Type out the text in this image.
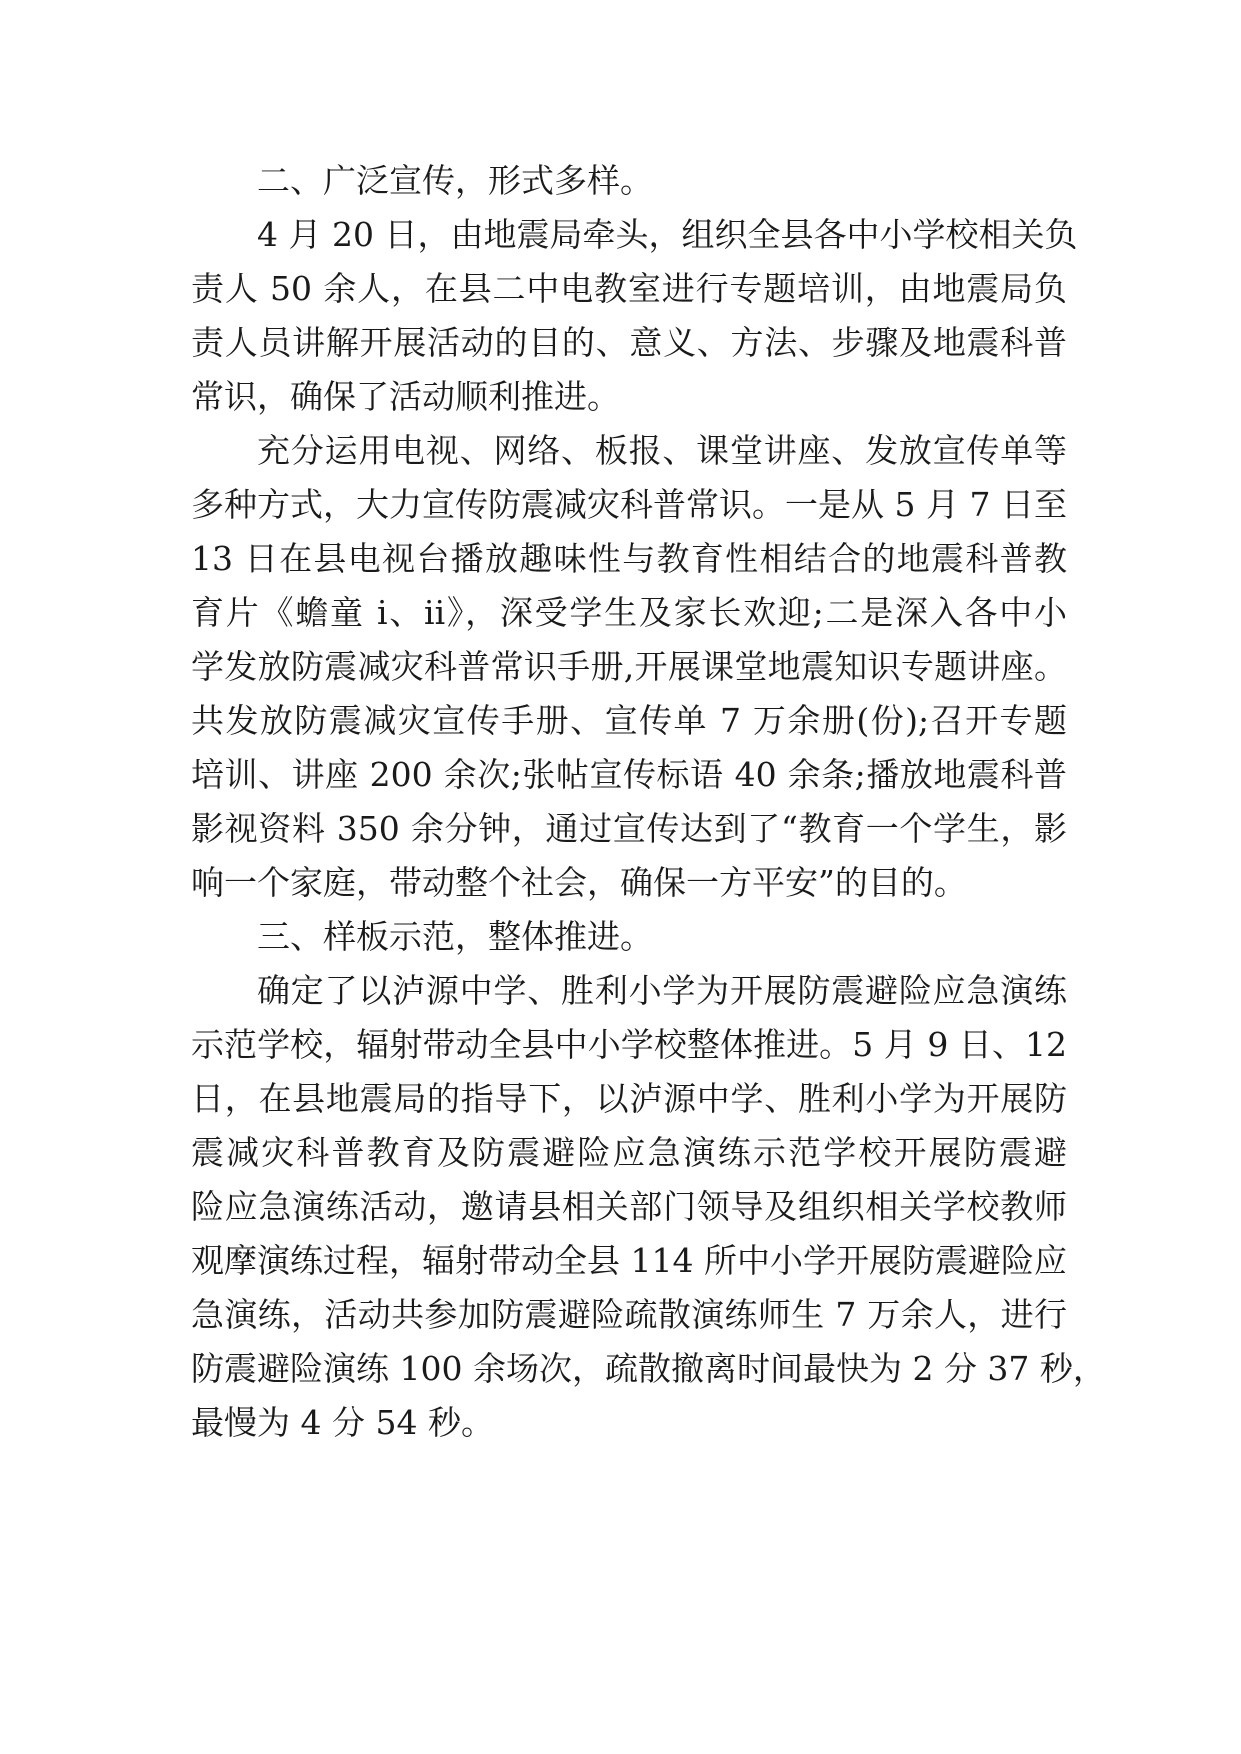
二、广泛宣传，形式多样。
4 月 20 日，由地震局牵头，组织全县各中小学校相关负
责人 50 余人，在县二中电教室进行专题培训，由地震局负
责人员讲解开展活动的目的、意义、方法、步骤及地震科普
常识，确保了活动顺利推进。
充分运用电视、网络、板报、课堂讲座、发放宣传单等
多种方式，大力宣传防震减灾科普常识。一是从 5 月 7 日至
13 日在县电视台播放趣味性与教育性相结合的地震科普教
育片《蟾童 i、ii》，深受学生及家长欢迎;二是深入各中小
学发放防震减灾科普常识手册,开展课堂地震知识专题讲座。
共发放防震减灾宣传手册、宣传单 7 万余册(份);召开专题
培训、讲座 200 余次;张帖宣传标语 40 余条;播放地震科普
影视资料 350 余分钟，通过宣传达到了“教育一个学生，影
响一个家庭，带动整个社会，确保一方平安”的目的。
三、样板示范，整体推进。
确定了以泸源中学、胜利小学为开展防震避险应急演练
示范学校，辐射带动全县中小学校整体推进。5 月 9 日、12
日，在县地震局的指导下，以泸源中学、胜利小学为开展防
震减灾科普教育及防震避险应急演练示范学校开展防震避
险应急演练活动，邀请县相关部门领导及组织相关学校教师
观摩演练过程，辐射带动全县 114 所中小学开展防震避险应
急演练，活动共参加防震避险疏散演练师生 7 万余人，进行
防震避险演练 100 余场次，疏散撤离时间最快为 2 分 37 秒，
最慢为 4 分 54 秒。
